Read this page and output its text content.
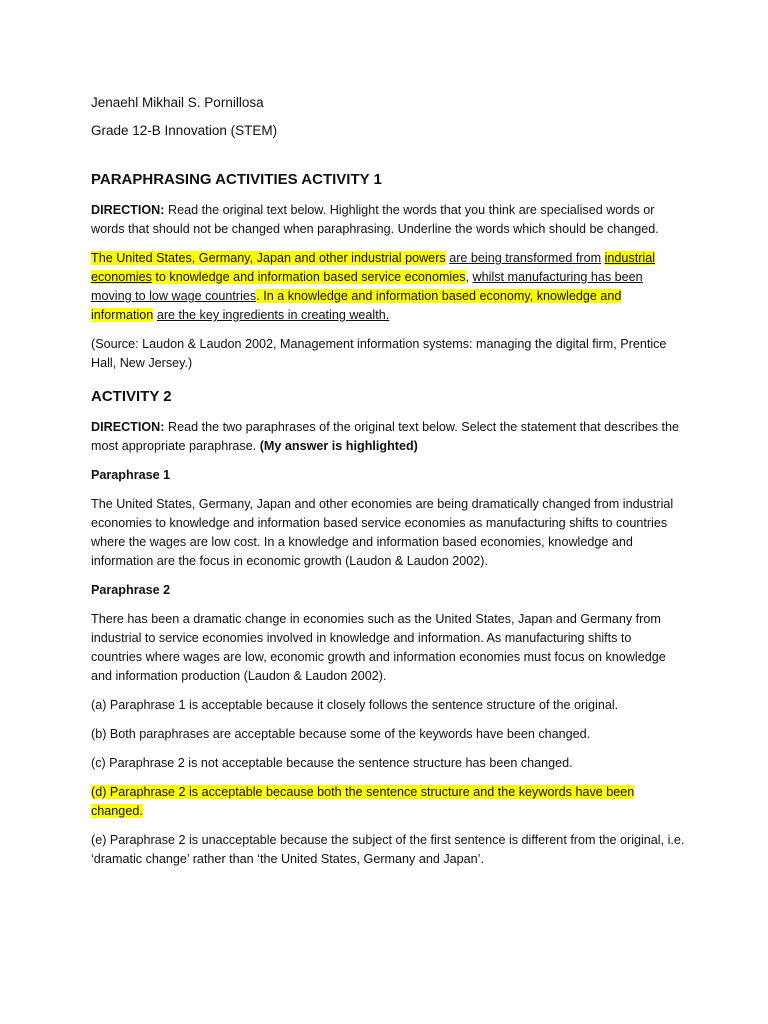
Jenaehl Mikhail S. Pornillosa

Grade 12-B Innovation (STEM)

PARAPHRASING ACTIVITIES ACTIVITY 1

DIRECTION: Read the original text below. Highlight the words that you think are specialised words or words that should not be changed when paraphrasing. Underline the words which should be changed.

The United States, Germany, Japan and other industrial powers are being transformed from industrial economies to knowledge and information based service economies, whilst manufacturing has been moving to low wage countries. In a knowledge and information based economy, knowledge and information are the key ingredients in creating wealth.

(Source: Laudon & Laudon 2002, Management information systems: managing the digital firm, Prentice Hall, New Jersey.)

ACTIVITY 2

DIRECTION: Read the two paraphrases of the original text below. Select the statement that describes the most appropriate paraphrase. (My answer is highlighted)

Paraphrase 1

The United States, Germany, Japan and other economies are being dramatically changed from industrial economies to knowledge and information based service economies as manufacturing shifts to countries where the wages are low cost. In a knowledge and information based economies, knowledge and information are the focus in economic growth (Laudon & Laudon 2002).

Paraphrase 2

There has been a dramatic change in economies such as the United States, Japan and Germany from industrial to service economies involved in knowledge and information. As manufacturing shifts to countries where wages are low, economic growth and information economies must focus on knowledge and information production (Laudon & Laudon 2002).

(a) Paraphrase 1 is acceptable because it closely follows the sentence structure of the original.

(b) Both paraphrases are acceptable because some of the keywords have been changed.

(c) Paraphrase 2 is not acceptable because the sentence structure has been changed.

(d) Paraphrase 2 is acceptable because both the sentence structure and the keywords have been changed.

(e) Paraphrase 2 is unacceptable because the subject of the first sentence is different from the original, i.e. ‘dramatic change’ rather than ‘the United States, Germany and Japan’.
